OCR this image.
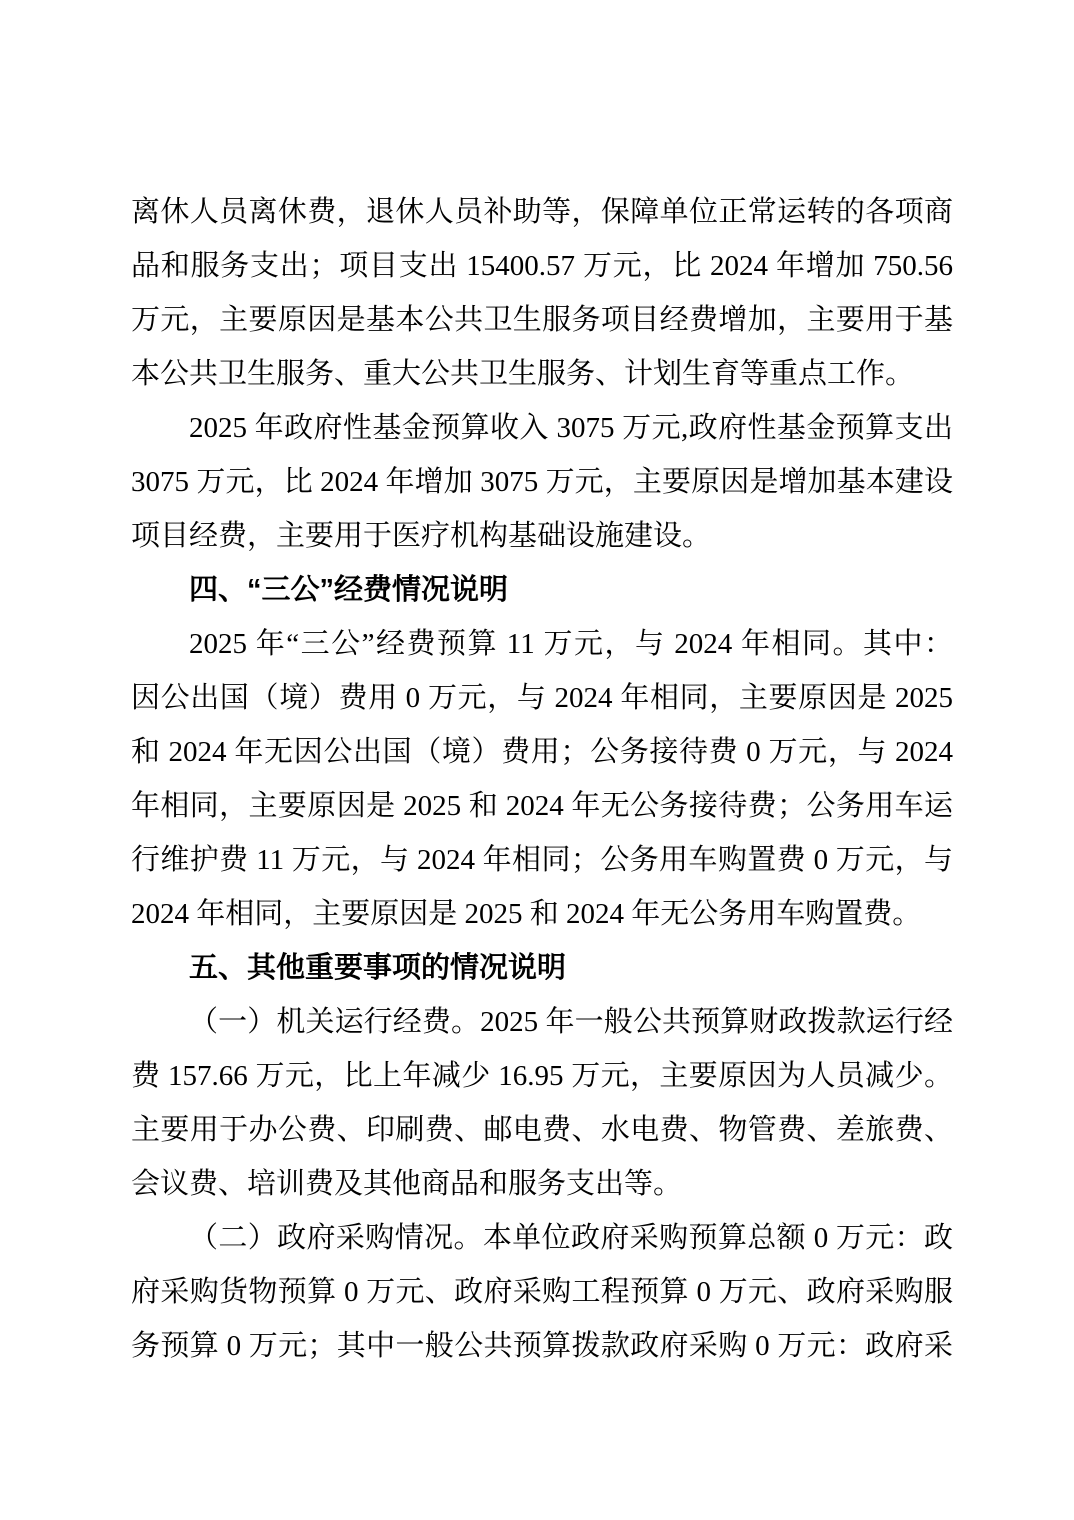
离休人员离休费，退休人员补助等，保障单位正常运转的各项商
品和服务支出；项目支出 15400.57 万元，比 2024 年增加 750.56
万元，主要原因是基本公共卫生服务项目经费增加，主要用于基
本公共卫生服务、重大公共卫生服务、计划生育等重点工作。
2025 年政府性基金预算收入 3075 万元,政府性基金预算支出
3075 万元，比 2024 年增加 3075 万元，主要原因是增加基本建设
项目经费，主要用于医疗机构基础设施建设。
四、“三公”经费情况说明
2025 年“三公”经费预算 11 万元，与 2024 年相同。其中：
因公出国（境）费用 0 万元，与 2024 年相同，主要原因是 2025
和 2024 年无因公出国（境）费用；公务接待费 0 万元，与 2024
年相同，主要原因是 2025 和 2024 年无公务接待费；公务用车运
行维护费 11 万元，与 2024 年相同；公务用车购置费 0 万元，与
2024 年相同，主要原因是 2025 和 2024 年无公务用车购置费。
五、其他重要事项的情况说明
（一）机关运行经费。2025 年一般公共预算财政拨款运行经
费 157.66 万元，比上年减少 16.95 万元，主要原因为人员减少。
主要用于办公费、印刷费、邮电费、水电费、物管费、差旅费、
会议费、培训费及其他商品和服务支出等。
（二）政府采购情况。本单位政府采购预算总额 0 万元：政
府采购货物预算 0 万元、政府采购工程预算 0 万元、政府采购服
务预算 0 万元；其中一般公共预算拨款政府采购 0 万元：政府采
